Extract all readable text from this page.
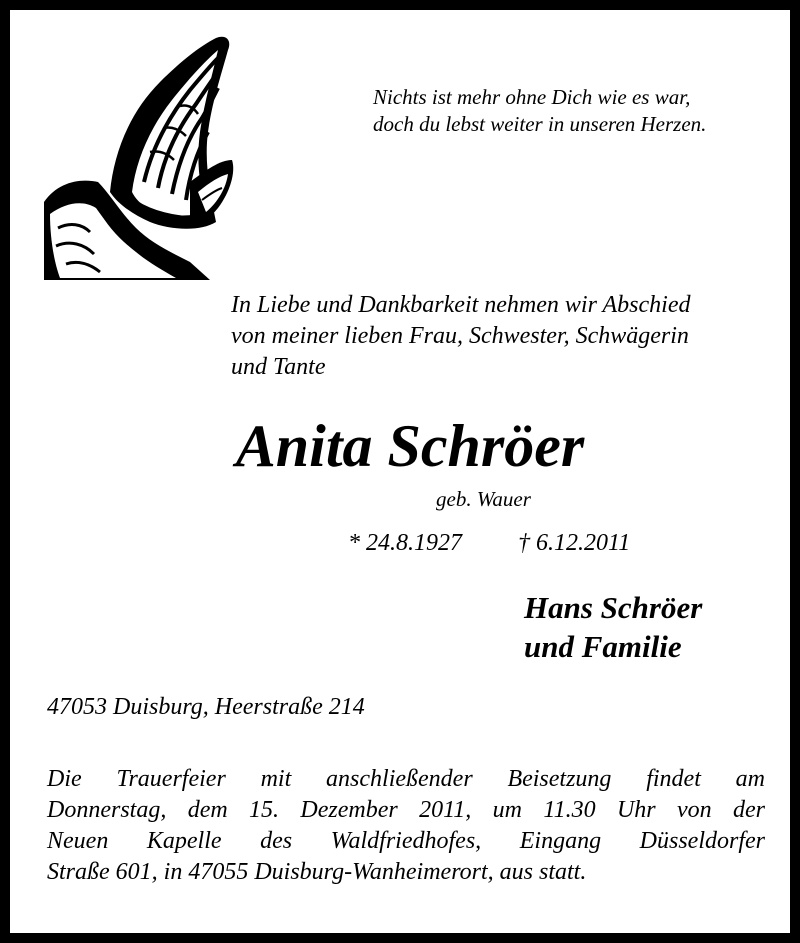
Nichts ist mehr ohne Dich wie es war,
doch du lebst weiter in unseren Herzen.
In Liebe und Dankbarkeit nehmen wir Abschied
von meiner lieben Frau, Schwester, Schwägerin
und Tante
Anita Schröer
geb. Wauer
* 24.8.1927 † 6.12.2011
Hans Schröer
und Familie
47053 Duisburg, Heerstraße 214
Die Trauerfeier mit anschließender Beisetzung findet am
Donnerstag, dem 15. Dezember 2011, um 11.30 Uhr von der
Neuen Kapelle des Waldfriedhofes, Eingang Düsseldorfer
Straße 601, in 47055 Duisburg-Wanheimerort, aus statt.
